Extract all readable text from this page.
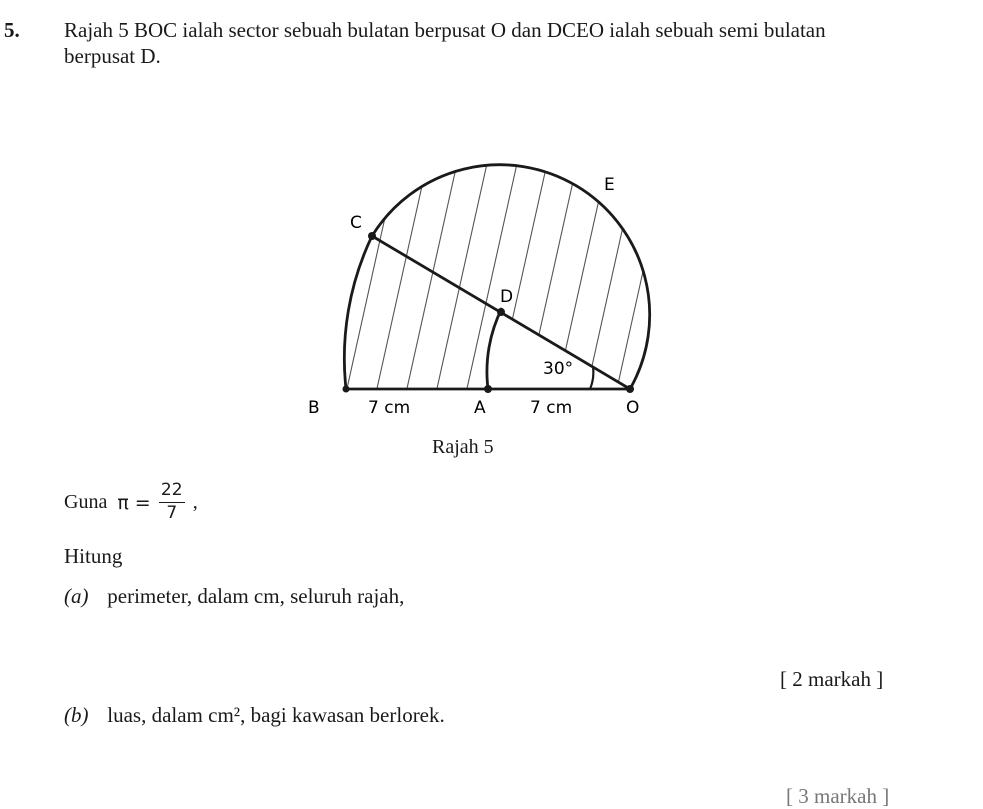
5. Rajah 5 BOC ialah sector sebuah bulatan berpusat O dan DCEO ialah sebuah semi bulatan
berpusat D.
E
C
D
30°
B	7 cm	A	7 cm	O
Rajah 5
Guna $\pi = \frac{22}{7}$ ,
Hitung
(a) perimeter, dalam cm, seluruh rajah,
[ 2 markah ]
(b) luas, dalam cm², bagi kawasan berlorek.
[ 3 markah ]
